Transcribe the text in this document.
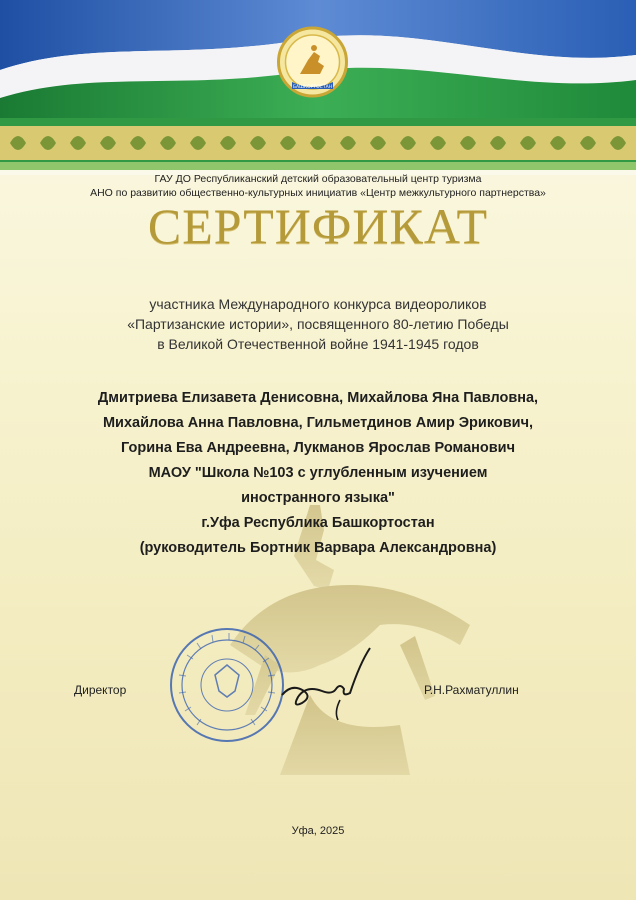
БАШКОРТОСТАН
ГАУ ДО Республиканский детский образовательный центр туризма
АНО по развитию общественно-культурных инициатив «Центр межкультурного партнерства»
СЕРТИФИКАТ
участника Международного конкурса видеороликов
«Партизанские истории», посвященного 80-летию Победы
в Великой Отечественной войне 1941-1945 годов
Дмитриева Елизавета Денисовна, Михайлова Яна Павловна,
Михайлова Анна Павловна, Гильметдинов Амир Эрикович,
Горина Ева Андреевна, Лукманов Ярослав Романович
МАОУ "Школа №103 с углубленным изучением
иностранного языка"
г.Уфа Республика Башкортостан
(руководитель Бортник Варвара Александровна)
Директор	Р.Н.Рахматуллин
Уфа, 2025
